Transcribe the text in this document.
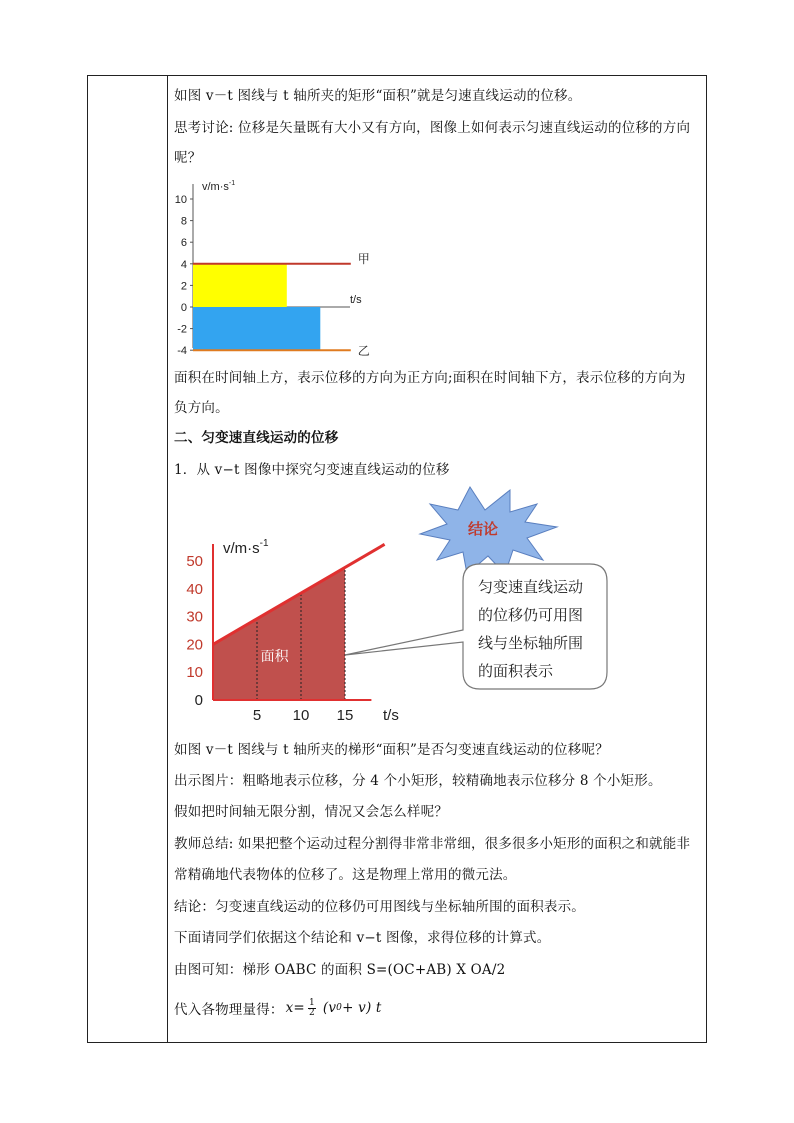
如图 v－t 图线与 t 轴所夹的矩形“面积”就是匀速直线运动的位移。
思考讨论: 位移是矢量既有大小又有方向，图像上如何表示匀速直线运动的位移的方向
呢？
$v/m\cdot s^{-1}$
10
8
6
4
2
0
-2
-4
甲
乙
t/s
面积在时间轴上方，表示位移的方向为正方向;面积在时间轴下方，表示位移的方向为
负方向。
二、匀变速直线运动的位移
1．从 v−t 图像中探究匀变速直线运动的位移
结论
0
10
20
30
40
50
5 10 15
面积
$v/m\cdot s^{-1}$
t/s
匀变速直线运动
的位移仍可用图
线与坐标轴所围
的面积表示
如图 v－t 图线与 t 轴所夹的梯形“面积”是否匀变速直线运动的位移呢？
出示图片：粗略地表示位移，分 4 个小矩形，较精确地表示位移分 8 个小矩形。
假如把时间轴无限分割，情况又会怎么样呢？
教师总结: 如果把整个运动过程分割得非常非常细，很多很多小矩形的面积之和就能非
常精确地代表物体的位移了。这是物理上常用的微元法。
结论：匀变速直线运动的位移仍可用图线与坐标轴所围的面积表示。
下面请同学们依据这个结论和 v−t 图像，求得位移的计算式。
由图可知：梯形 OABC 的面积 S=(OC+AB) X OA/2
代入各物理量得： $x= \frac{1}{2} (v$ 0 + v) t
